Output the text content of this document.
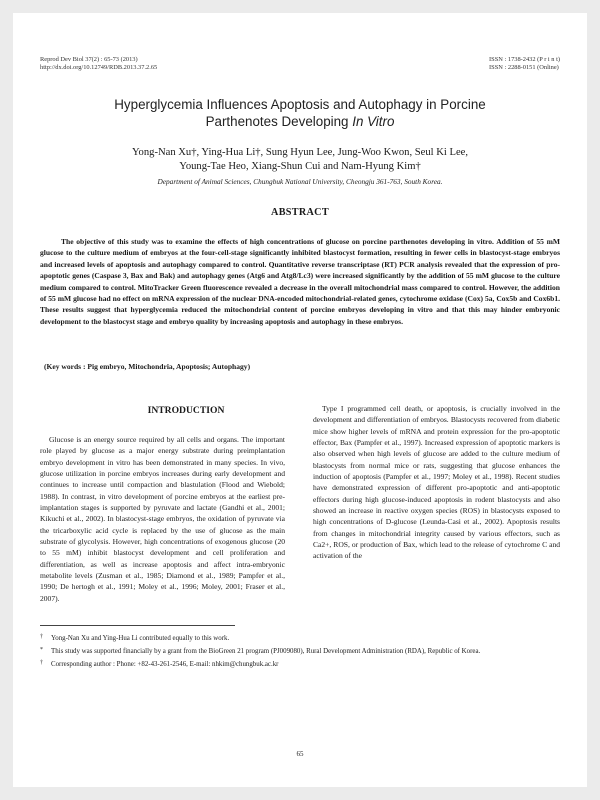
Reprod Dev Biol 37(2) : 65-73 (2013)
http://dx.doi.org/10.12749/RDB.2013.37.2.65
ISSN : 1738-2432 (P r i n t)
ISSN : 2288-0151 (Online)
Hyperglycemia Influences Apoptosis and Autophagy in Porcine
Parthenotes Developing In Vitro
Yong-Nan Xu†, Ying-Hua Li†, Sung Hyun Lee, Jung-Woo Kwon, Seul Ki Lee,
Young-Tae Heo, Xiang-Shun Cui and Nam-Hyung Kim†
Department of Animal Sciences, Chungbuk National University, Cheongju 361-763, South Korea.
ABSTRACT
The objective of this study was to examine the effects of high concentrations of glucose on porcine parthenotes developing in vitro. Addition of 55 mM glucose to the culture medium of embryos at the four-cell-stage significantly inhibited blastocyst formation, resulting in fewer cells in blastocyst-stage embryos and increased levels of apoptosis and autophagy compared to control. Quantitative reverse transcriptase (RT) PCR analysis revealed that the expression of pro-apoptotic genes (Caspase 3, Bax and Bak) and autophagy genes (Atg6 and Atg8/Lc3) were increased significantly by the addition of 55 mM glucose to the culture medium compared to control. MitoTracker Green fluorescence revealed a decrease in the overall mitochondrial mass compared to control. However, the addition of 55 mM glucose had no effect on mRNA expression of the nuclear DNA-encoded mitochondrial-related genes, cytochrome oxidase (Cox) 5a, Cox5b and Cox6b1. These results suggest that hyperglycemia reduced the mitochondrial content of porcine embryos developing in vitro and that this may hinder embryonic development to the blastocyst stage and embryo quality by increasing apoptosis and autophagy in these embryos.
(Key words : Pig embryo, Mitochondria, Apoptosis; Autophagy)
INTRODUCTION

Glucose is an energy source required by all cells and organs. The important role played by glucose as a major energy substrate during preimplantation embryo development in vitro has been demonstrated in many species. In vivo, glucose utilization in porcine embryos increases during early development and continues to increase until compaction and blastulation (Flood and Wiebold; 1988). In contrast, in vitro development of porcine embryos at the earliest pre-implantation stages is supported by pyruvate and lactate (Gandhi et al., 2001; Kikuchi et al., 2002). In blastocyst-stage embryos, the oxidation of pyruvate via the tricarboxylic acid cycle is replaced by the use of glucose as the main substrate of glycolysis. However, high concentrations of exogenous glucose (20 to 55 mM) inhibit blastocyst development and cell proliferation and differentiation, as well as increase apoptosis and affect intra-embryonic metabolite levels (Zusman et al., 1985; Diamond et al., 1989; Pampfer et al., 1990; De hertogh et al., 1991; Moley et al., 1996; Moley, 2001; Fraser et al., 2007).

Type I programmed cell death, or apoptosis, is crucially involved in the development and differentiation of embryos. Blastocysts recovered from diabetic mice show higher levels of mRNA and protein expression for the pro-apoptotic effector, Bax (Pampfer et al., 1997). Increased expression of apoptotic markers is also observed when high levels of glucose are added to the culture medium of blastocysts from normal mice or rats, suggesting that glucose enhances the induction of apoptosis (Pampfer et al., 1997; Moley et al., 1998). Recent studies have demonstrated expression of different pro-apoptotic and anti-apoptotic effectors during high glucose-induced apoptosis in rodent blastocysts and also showed an increase in reactive oxygen species (ROS) in blastocysts exposed to high concentrations of D-glucose (Leunda-Casi et al., 2002). Apoptosis results from changes in mitochondrial integrity caused by various effectors, such as Ca2+, ROS, or production of Bax, which lead to the release of cytochrome C and activation of the

†	Yong-Nan Xu and Ying-Hua Li contributed equally to this work.
*	This study was supported financially by a grant from the BioGreen 21 program (PJ009080), Rural Development Administration (RDA), Republic of Korea.
†	Corresponding author : Phone: +82-43-261-2546, E-mail: nhkim@chungbuk.ac.kr
65
